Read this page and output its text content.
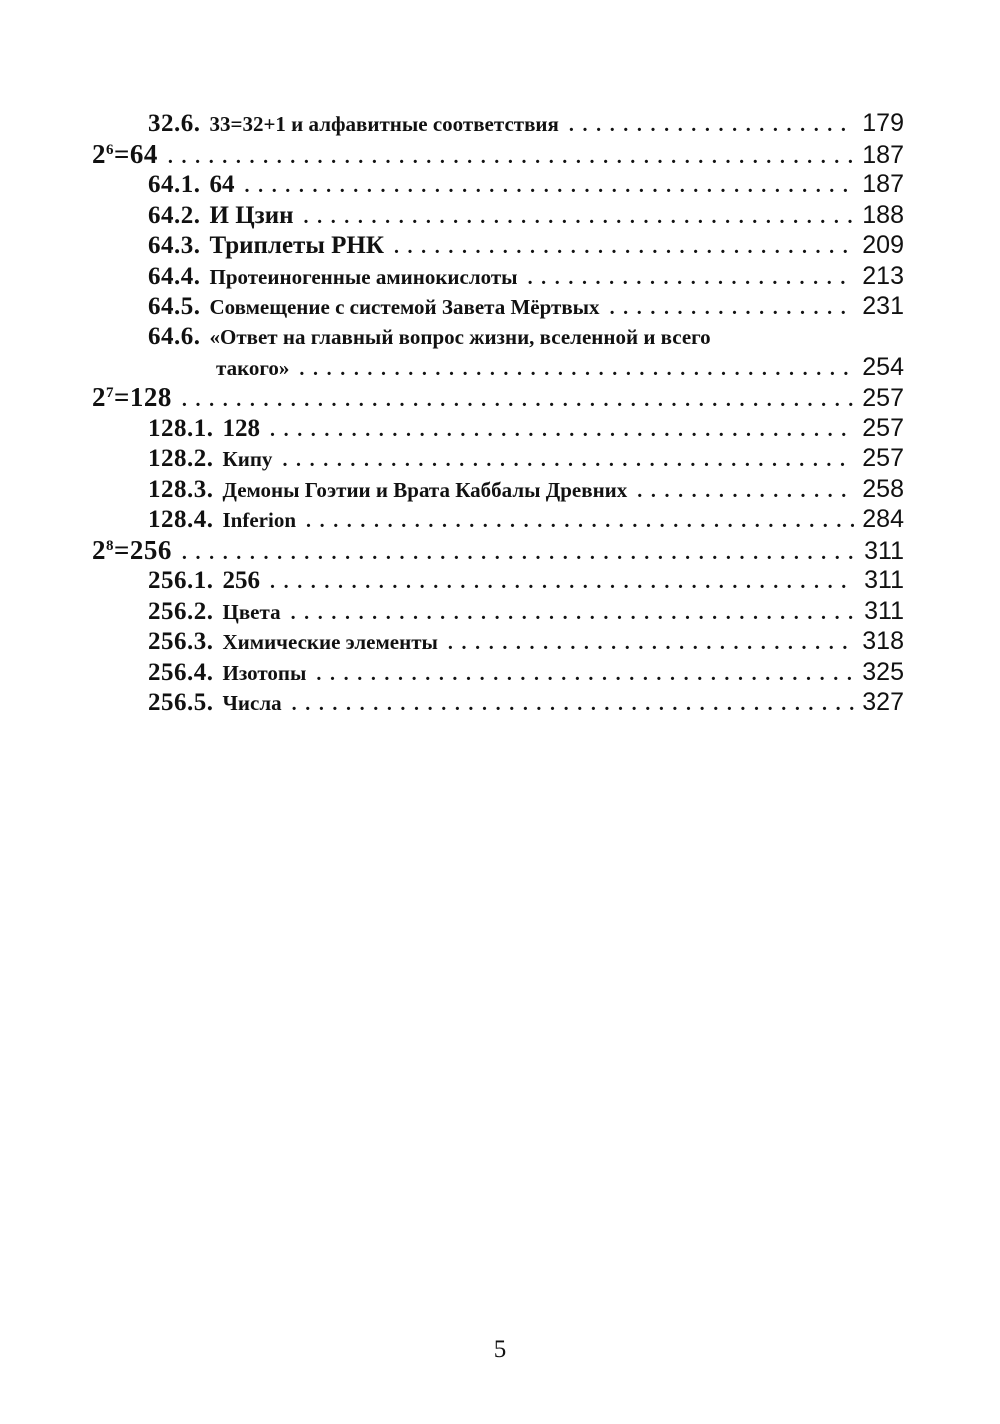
32.6. 33=32+1 и алфавитные соответствия . . .	179
$2^6=64$ . . .	187
64.1. 64 . . .	187
64.2. И Цзин . . .	188
64.3. Триплеты РНК . . .	209
64.4. Протеиногенные аминокислоты . . .	213
64.5. Совмещение с системой Завета Мёртвых . . .	231
64.6. «Ответ на главный вопрос жизни, вселенной и всего
такого» . . .	254
$2^7=128$ . . .	257
128.1. 128 . . .	257
128.2. Кипу . . .	257
128.3. Демоны Гоэтии и Врата Каббалы Древних . . .	258
128.4. Inferion . . .	284
$2^8=256$ . . .	311
256.1. 256 . . .	311
256.2. Цвета . . .	311
256.3. Химические элементы . . .	318
256.4. Изотопы . . .	325
256.5. Числа . . .	327
5
